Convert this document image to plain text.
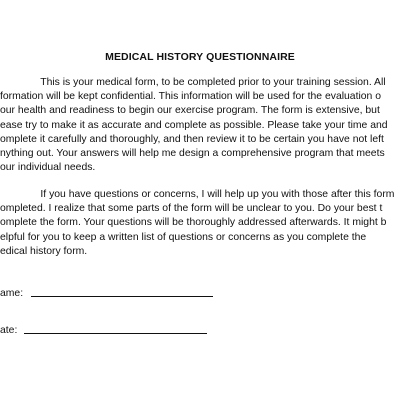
MEDICAL HISTORY QUESTIONNAIRE
This is your medical form, to be completed prior to your training session. All
formation will be kept confidential. This information will be used for the evaluation o
our health and readiness to begin our exercise program. The form is extensive, but
ease try to make it as accurate and complete as possible. Please take your time and
omplete it carefully and thoroughly, and then review it to be certain you have not left
nything out. Your answers will help me design a comprehensive program that meets
our individual needs.
If you have questions or concerns, I will help up you with those after this form
ompleted. I realize that some parts of the form will be unclear to you. Do your best t
omplete the form. Your questions will be thoroughly addressed afterwards. It might b
elpful for you to keep a written list of questions or concerns as you complete the
edical history form.
ame:
ate:
